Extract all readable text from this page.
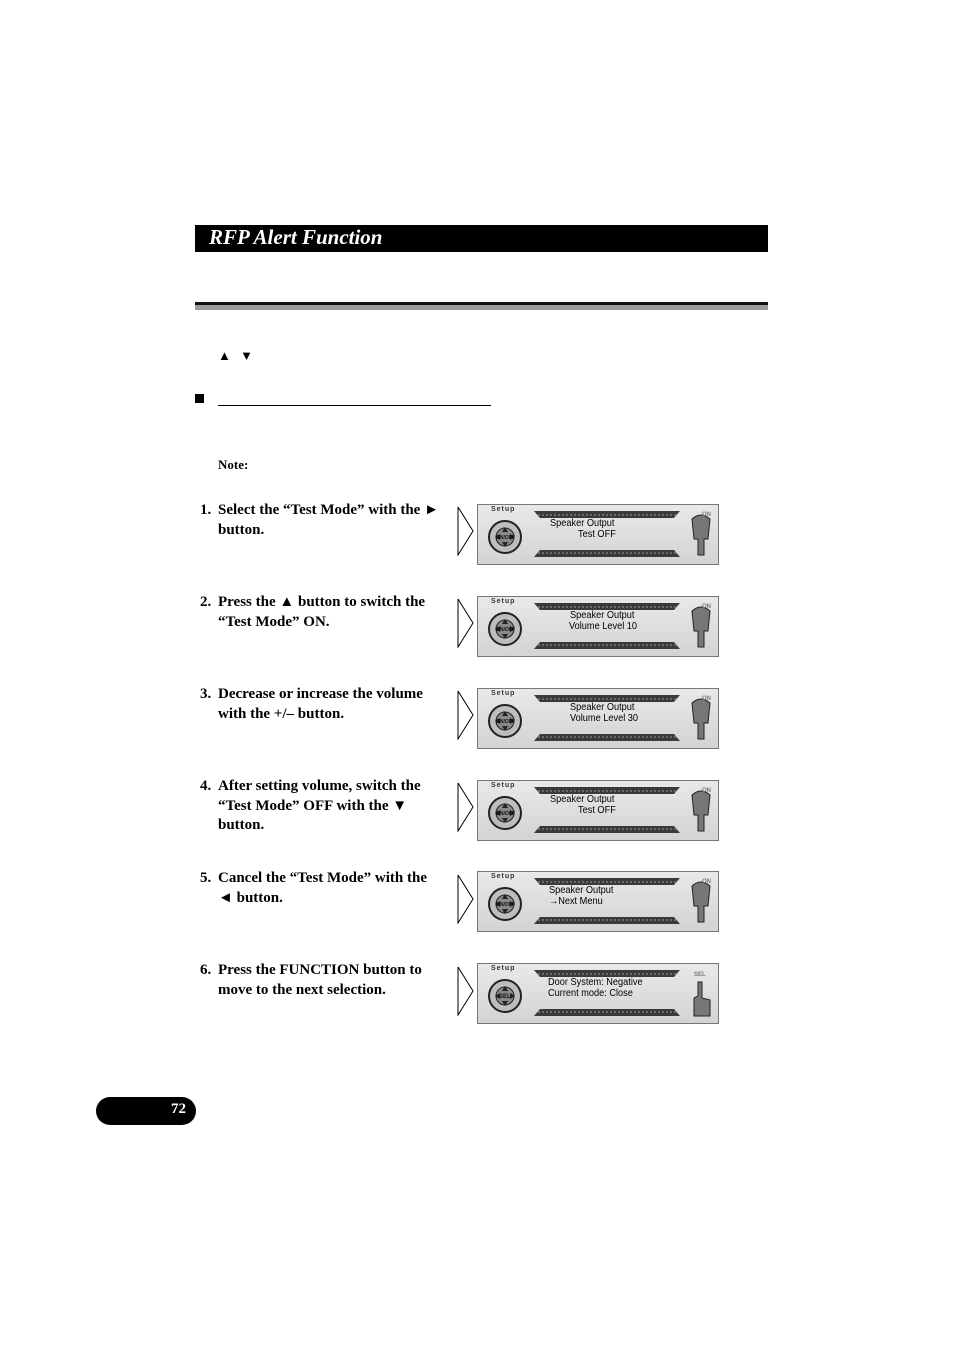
RFP Alert Function
▲ ▼
Note:
1. Select the “Test Mode” with the ► button.
2. Press the ▲ button to switch the “Test Mode” ON.
3. Decrease or increase the volume with the +/– button.
4. After setting volume, switch the “Test Mode” OFF with the ▼ button.
5. Cancel the “Test Mode” with the ◄ button.
6. Press the FUNCTION button to move to the next selection.
Setup
ON/OFF
Speaker Output
Test OFF
ON
Setup
ON/OFF
Speaker Output
Volume Level 10
ON
Setup
ON/OFF
Speaker Output
Volume Level 30
ON
Setup
ON/OFF
Speaker Output
Test OFF
ON
Setup
ON/OFF
Speaker Output
→Next Menu
ON
Setup
SEL
Door System: Negative
Current mode: Close
SEL
72
